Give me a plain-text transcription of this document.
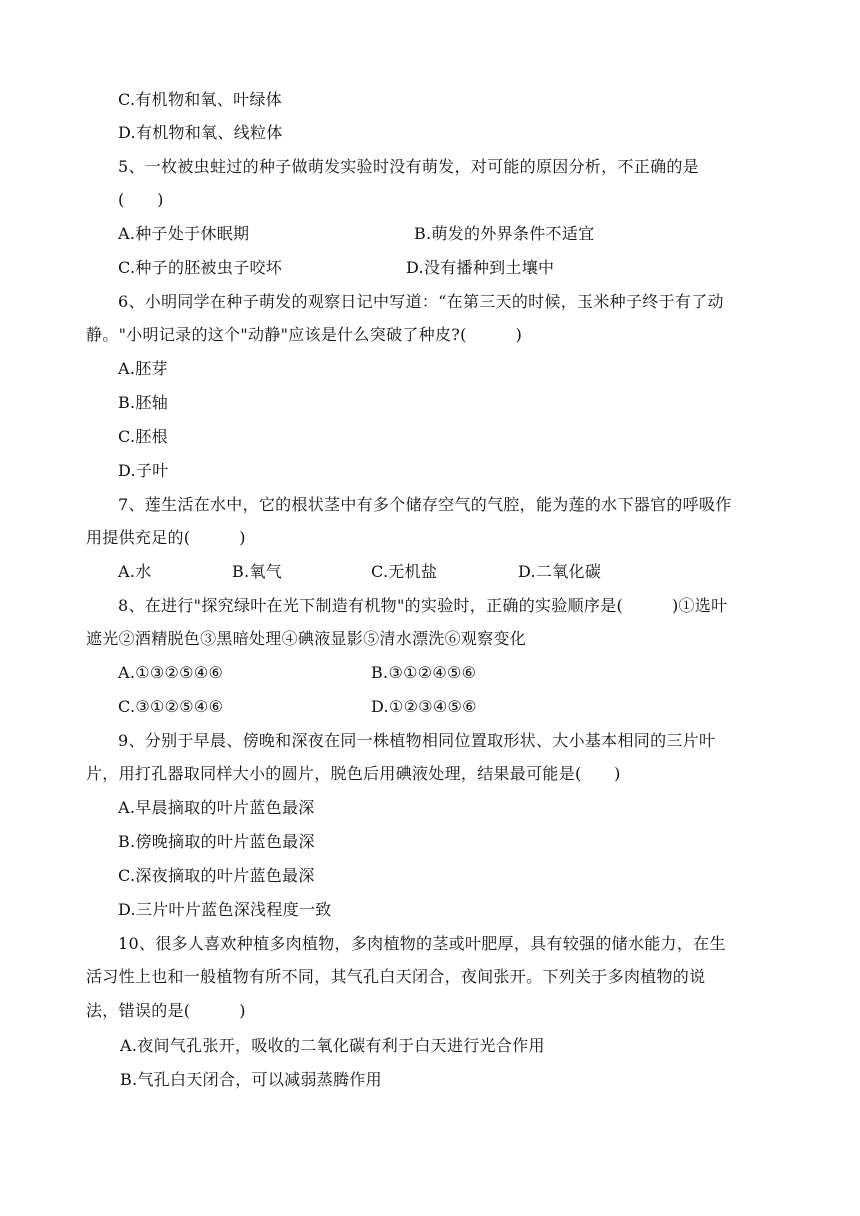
C.有机物和氧、叶绿体
D.有机物和氧、线粒体
5、一枚被虫蛀过的种子做萌发实验时没有萌发，对可能的原因分析，不正确的是
(　　)
A.种子处于休眠期	B.萌发的外界条件不适宜
C.种子的胚被虫子咬坏	D.没有播种到土壤中
6、小明同学在种子萌发的观察日记中写道：“在第三天的时候，玉米种子终于有了动
静。"小明记录的这个"动静"应该是什么突破了种皮?(　　　)
A.胚芽
B.胚轴
C.胚根
D.子叶
7、莲生活在水中，它的根状茎中有多个储存空气的气腔，能为莲的水下器官的呼吸作
用提供充足的(　　　)
A.水	B.氧气	C.无机盐	D.二氧化碳
8、在进行"探究绿叶在光下制造有机物"的实验时，正确的实验顺序是(　　　)①选叶
遮光②酒精脱色③黑暗处理④碘液显影⑤清水漂洗⑥观察变化
A.①③②⑤④⑥	B.③①②④⑤⑥
C.③①②⑤④⑥	D.①②③④⑤⑥
9、分别于早晨、傍晚和深夜在同一株植物相同位置取形状、大小基本相同的三片叶
片，用打孔器取同样大小的圆片，脱色后用碘液处理，结果最可能是(　　)
A.早晨摘取的叶片蓝色最深
B.傍晚摘取的叶片蓝色最深
C.深夜摘取的叶片蓝色最深
D.三片叶片蓝色深浅程度一致
10、很多人喜欢种植多肉植物，多肉植物的茎或叶肥厚，具有较强的储水能力，在生
活习性上也和一般植物有所不同，其气孔白天闭合，夜间张开。下列关于多肉植物的说
法，错误的是(　　　)
A.夜间气孔张开，吸收的二氧化碳有利于白天进行光合作用
B.气孔白天闭合，可以减弱蒸腾作用
